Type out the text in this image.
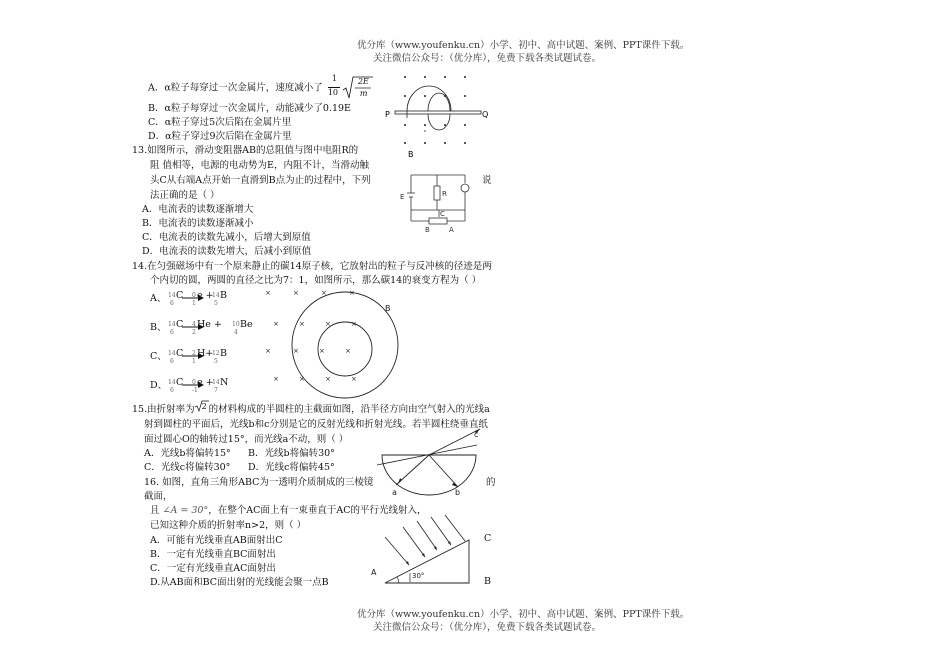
优分库（www.youfenku.cn）小学、初中、高中试题、案例、PPT课件下载。
关注微信公众号：（优分库），免费下载各类试题试卷。
A．α粒子每穿过一次金属片，速度减小了
1
10
2E
m
B．α粒子每穿过一次金属片，动能减少了0.19E
C．α粒子穿过5次后陷在金属片里
D．α粒子穿过9次后陷在金属片里
P	Q
B
13.如图所示，滑动变阻器AB的总阻值与图中电阻R的
阻 值相等，电源的电动势为E，内阻不计，当滑动触
头C从右端A点开始一直滑到B点为止的过程中，下列	说
法正确的是（ ）
A．电流表的读数逐渐增大
B．电流表的读数逐渐减小
C．电流表的读数先减小，后增大到原值
D．电流表的读数先增大，后减小到原值
E	R
C
B	A
14.在匀强磁场中有一个原来静止的碳14原子核，它放射出的粒子与反冲核的径迹是两
个内切的圆，两圆的直径之比为7：1，如图所示，那么碳14的衰变方程为（ ）
A、 14
6
C 0
1
e +
14
5
B
B、 14
6
C 4
2
He + 10
4
Be
C、 14
6
C 2
1
H+
12
5
B
D、 14
6
C 0
-1
e +
14
7
N
×	×	×	×
×	×	×	×
×	×	×	×
×	×	×	×
B
15.由折射率为 2 的材料构成的半圆柱的主截面如图，沿半径方向由空气射入的光线a
射到圆柱的平面后，光线b和c分别是它的反射光线和折射光线。若半圆柱绕垂直纸
面过圆心O的轴转过15°，而光线a不动，则（ ）
A．光线b将偏转15° B．光线b将偏转30°
C．光线c将偏转30° D．光线c将偏转45°
a	b
c
16. 如图，直角三角形ABC为一透明介质制成的三棱镜	的
截面，
且 ∠A = 30°，在整个AC面上有一束垂直于AC的平行光线射入，
已知这种介质的折射率n>2，则（ ）
A．可能有光线垂直AB面射出C
B．一定有光线垂直BC面射出
C．一定有光线垂直AC面射出
D.从AB面和BC面出射的光线能会聚一点B
30°
A
C
B
优分库（www.youfenku.cn）小学、初中、高中试题、案例、PPT课件下载。
关注微信公众号：（优分库），免费下载各类试题试卷。
